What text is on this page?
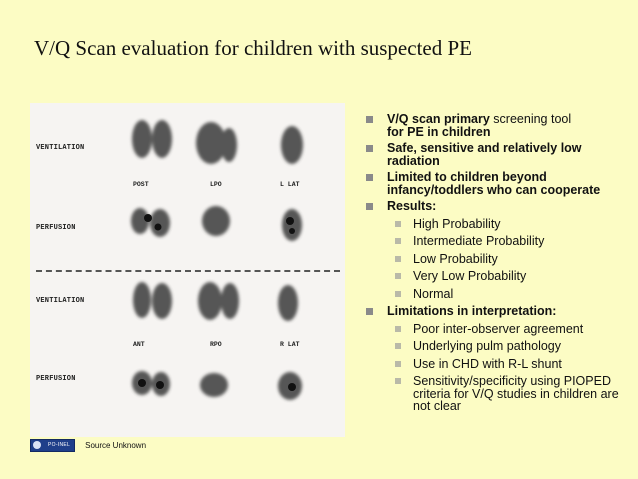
V/Q Scan evaluation for children with suspected PE
VENTILATION
POST	LPO	L LAT
PERFUSION
VENTILATION
ANT	RPO	R LAT
PERFUSION
PO-INEL	Source Unknown
V/Q scan primary screening tool
for PE in children
Safe, sensitive and relatively low radiation
Limited to children beyond infancy/toddlers who can cooperate
Results:
High Probability
Intermediate Probability
Low Probability
Very Low Probability
Normal
Limitations in interpretation:
Poor inter-observer agreement
Underlying pulm pathology
Use in CHD with R-L shunt
Sensitivity/specificity using PIOPED criteria for V/Q studies in children are not clear
